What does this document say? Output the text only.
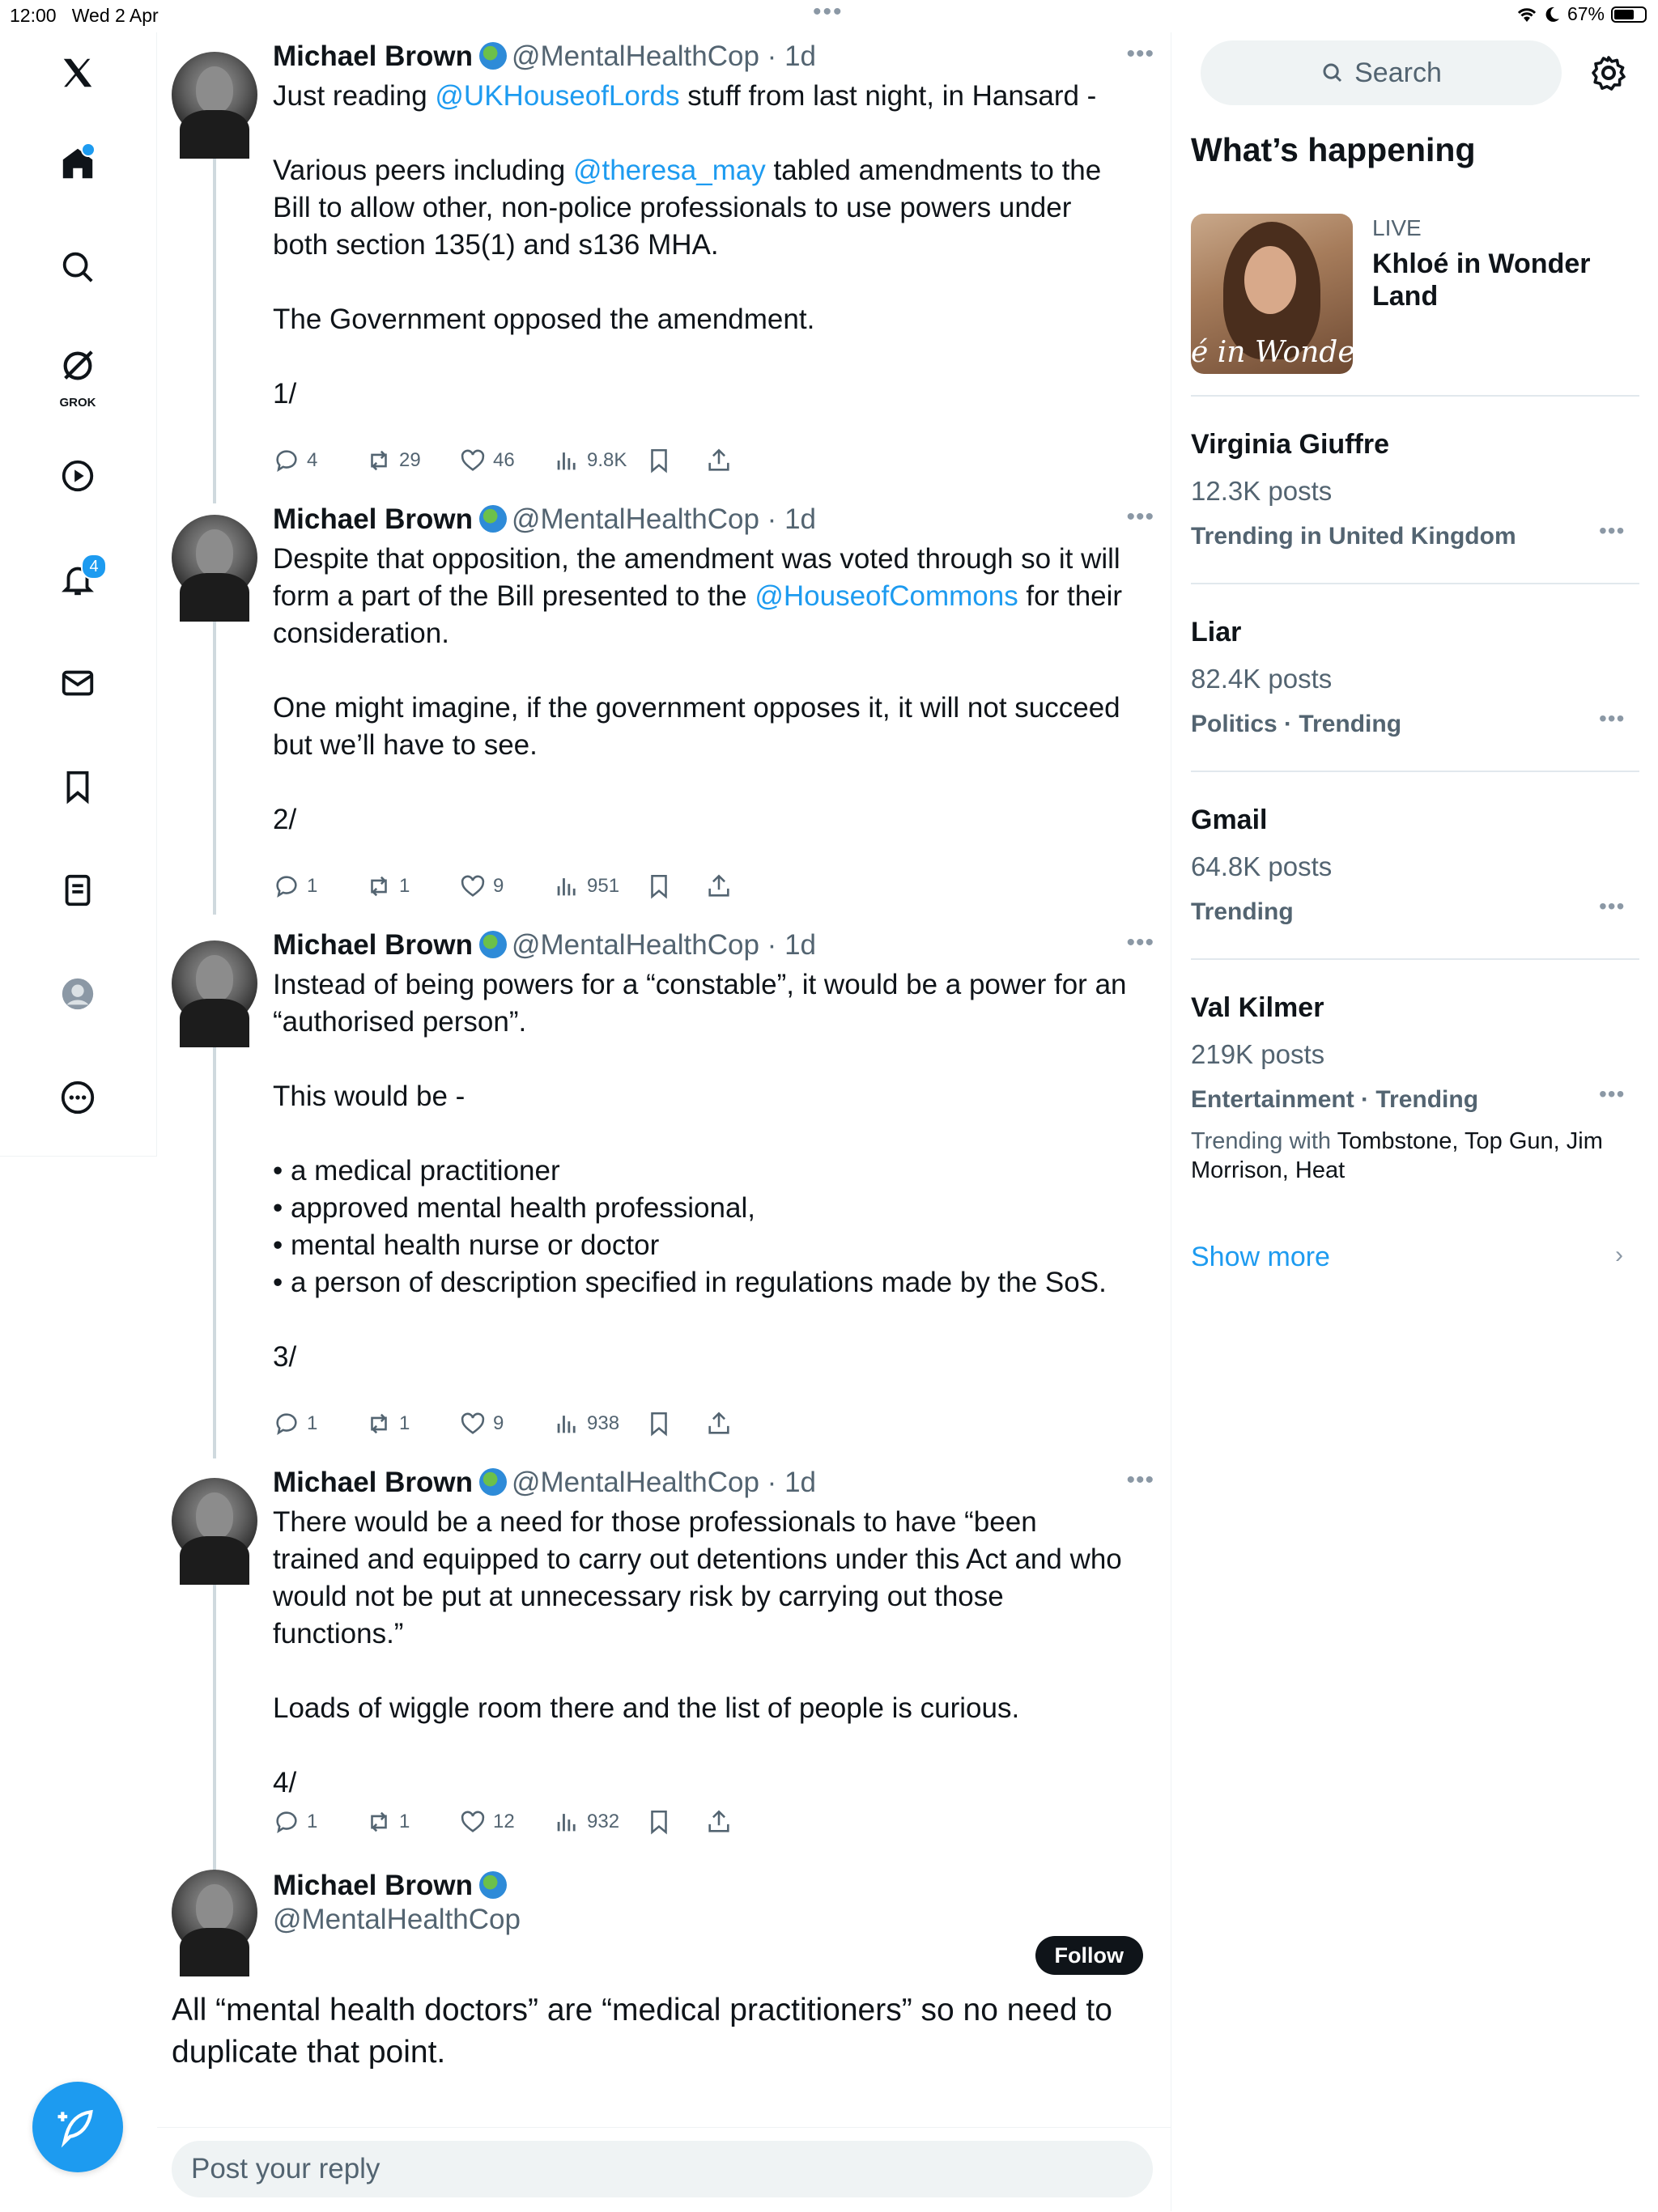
12:00 Wed 2 Apr	•••	67%
GROK
4
Michael Brown @MentalHealthCop · 1d	•••
Just reading @UKHouseofLords stuff from last night, in Hansard -

Various peers including @theresa_may tabled amendments to the Bill to allow other, non-police professionals to use powers under both section 135(1) and s136 MHA.

The Government opposed the amendment.

1/
4	29	46	9.8K
Michael Brown @MentalHealthCop · 1d	•••
Despite that opposition, the amendment was voted through so it will form a part of the Bill presented to the @HouseofCommons for their consideration.

One might imagine, if the government opposes it, it will not succeed but we’ll have to see.

2/
1	1	9	951
Michael Brown @MentalHealthCop · 1d	•••
Instead of being powers for a “constable”, it would be a power for an “authorised person”.

This would be -

• a medical practitioner
• approved mental health professional,
• mental health nurse or doctor
• a person of description specified in regulations made by the SoS.

3/
1	1	9	938
Michael Brown @MentalHealthCop · 1d	•••
There would be a need for those professionals to have “been trained and equipped to carry out detentions under this Act and who would not be put at unnecessary risk by carrying out those functions.”

Loads of wiggle room there and the list of people is curious.

4/
1	1	12	932
Michael Brown
@MentalHealthCop
Follow
All “mental health doctors” are “medical practitioners” so no need to duplicate that point.
Post your reply
Search
What’s happening
é in Wonder L
LIVE
Khloé in Wonder Land
Virginia Giuffre
12.3K posts
Trending in United Kingdom	•••
Liar
82.4K posts
Politics · Trending	•••
Gmail
64.8K posts
Trending	•••
Val Kilmer
219K posts
Entertainment · Trending	•••
Trending with Tombstone, Top Gun, Jim Morrison, Heat
Show more	›
